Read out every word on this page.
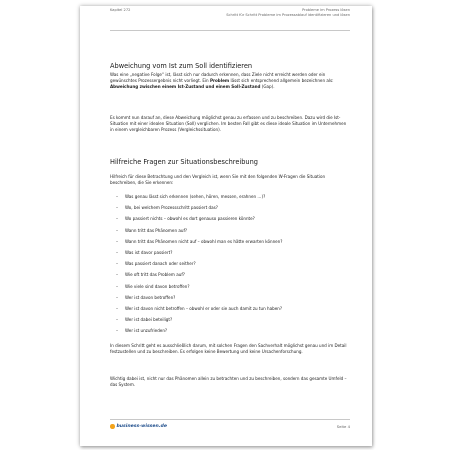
Kapitel 272	Probleme im Prozess lösen
Schritt für Schritt Probleme im Prozessablauf identifizieren und lösen
Abweichung vom Ist zum Soll identifizieren

Was eine „negative Folge“ ist, lässt sich nur dadurch erkennen, dass Ziele nicht erreicht werden oder ein gewünschtes Prozessergebnis nicht vorliegt. Ein Problem lässt sich entsprechend allgemein bezeichnen als: Abweichung zwischen einem Ist-Zustand und einem Soll-Zustand (Gap).

Es kommt nun darauf an, diese Abweichung möglichst genau zu erfassen und zu beschreiben. Dazu wird die Ist-Situation mit einer idealen Situation (Soll) verglichen. Im besten Fall gibt es diese ideale Situation im Unternehmen in einem vergleichbaren Prozess (Vergleichssituation).

Hilfreiche Fragen zur Situationsbeschreibung

Hilfreich für diese Betrachtung und den Vergleich ist, wenn Sie mit den folgenden W-Fragen die Situation beschreiben, die Sie erkennen:

– Was genau lässt sich erkennen (sehen, hören, messen, erahnen …)?
– Wo, bei welchem Prozessschritt passiert das?
– Wo passiert nichts – obwohl es dort genauso passieren könnte?
– Wann tritt das Phänomen auf?
– Wann tritt das Phänomen nicht auf – obwohl man es hätte erwarten können?
– Was ist davor passiert?
– Was passiert danach oder seither?
– Wie oft tritt das Problem auf?
– Wie viele sind davon betroffen?
– Wer ist davon betroffen?
– Wer ist davon nicht betroffen – obwohl er oder sie auch damit zu tun haben?
– Wer ist dabei beteiligt?
– Wer ist unzufrieden?

In diesem Schritt geht es ausschließlich darum, mit solchen Fragen den Sachverhalt möglichst genau und im Detail festzustellen und zu beschreiben. Es erfolgen keine Bewertung und keine Ursachenforschung.

Wichtig dabei ist, nicht nur das Phänomen allein zu betrachten und zu beschreiben, sondern das gesamte Umfeld – das System.

business-wissen.de	Seite 4
